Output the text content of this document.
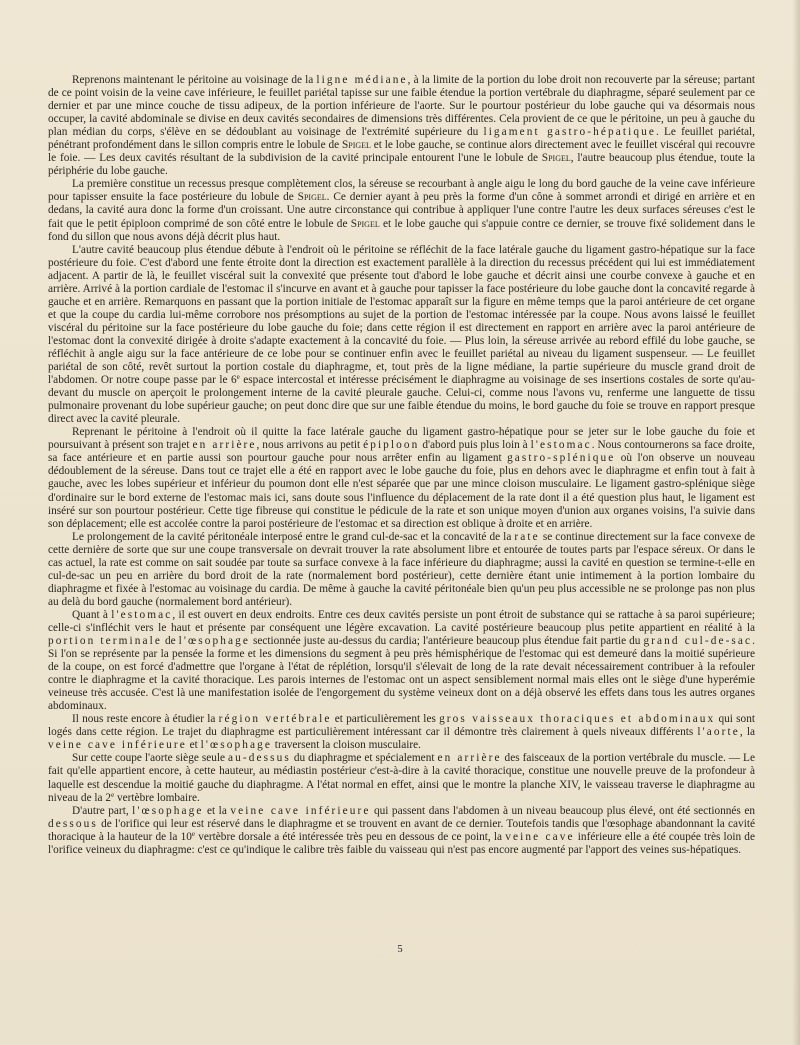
Reprenons maintenant le péritoine au voisinage de la ligne médiane, à la limite de la portion du lobe droit non recouverte par la séreuse; partant de ce point voisin de la veine cave inférieure, le feuillet pariétal tapisse sur une faible étendue la portion vertébrale du diaphragme, séparé seulement par ce dernier et par une mince couche de tissu adipeux, de la portion inférieure de l'aorte. Sur le pourtour postérieur du lobe gauche qui va désormais nous occuper, la cavité abdominale se divise en deux cavités secondaires de dimensions très différentes. Cela provient de ce que le péritoine, un peu à gauche du plan médian du corps, s'élève en se dédoublant au voisinage de l'extrémité supérieure du ligament gastro-hépatique. Le feuillet pariétal, pénétrant profondément dans le sillon compris entre le lobule de Spigel et le lobe gauche, se continue alors directement avec le feuillet viscéral qui recouvre le foie. — Les deux cavités résultant de la subdivision de la cavité principale entourent l'une le lobule de Spigel, l'autre beaucoup plus étendue, toute la périphérie du lobe gauche.

La première constitue un recessus presque complètement clos, la séreuse se recourbant à angle aigu le long du bord gauche de la veine cave inférieure pour tapisser ensuite la face postérieure du lobule de Spigel. Ce dernier ayant à peu près la forme d'un cône à sommet arrondi et dirigé en arrière et en dedans, la cavité aura donc la forme d'un croissant. Une autre circonstance qui contribue à appliquer l'une contre l'autre les deux surfaces séreuses c'est le fait que le petit épiploon comprimé de son côté entre le lobule de Spigel et le lobe gauche qui s'appuie contre ce dernier, se trouve fixé solidement dans le fond du sillon que nous avons déjà décrit plus haut.

L'autre cavité beaucoup plus étendue débute à l'endroit où le péritoine se réfléchit de la face latérale gauche du ligament gastro-hépatique sur la face postérieure du foie. C'est d'abord une fente étroite dont la direction est exactement parallèle à la direction du recessus précédent qui lui est immédiatement adjacent. A partir de là, le feuillet viscéral suit la convexité que présente tout d'abord le lobe gauche et décrit ainsi une courbe convexe à gauche et en arrière. Arrivé à la portion cardiale de l'estomac il s'incurve en avant et à gauche pour tapisser la face postérieure du lobe gauche dont la concavité regarde à gauche et en arrière. Remarquons en passant que la portion initiale de l'estomac apparaît sur la figure en même temps que la paroi antérieure de cet organe et que la coupe du cardia lui-même corrobore nos présomptions au sujet de la portion de l'estomac intéressée par la coupe. Nous avons laissé le feuillet viscéral du péritoine sur la face postérieure du lobe gauche du foie; dans cette région il est directement en rapport en arrière avec la paroi antérieure de l'estomac dont la convexité dirigée à droite s'adapte exactement à la concavité du foie. — Plus loin, la séreuse arrivée au rebord effilé du lobe gauche, se réfléchit à angle aigu sur la face antérieure de ce lobe pour se continuer enfin avec le feuillet pariétal au niveau du ligament suspenseur. — Le feuillet pariétal de son côté, revêt surtout la portion costale du diaphragme, et, tout près de la ligne médiane, la partie supérieure du muscle grand droit de l'abdomen. Or notre coupe passe par le 6e espace intercostal et intéresse précisément le diaphragme au voisinage de ses insertions costales de sorte qu'au-devant du muscle on aperçoit le prolongement interne de la cavité pleurale gauche. Celui-ci, comme nous l'avons vu, renferme une languette de tissu pulmonaire provenant du lobe supérieur gauche; on peut donc dire que sur une faible étendue du moins, le bord gauche du foie se trouve en rapport presque direct avec la cavité pleurale.

Reprenant le péritoine à l'endroit où il quitte la face latérale gauche du ligament gastro-hépatique pour se jeter sur le lobe gauche du foie et poursuivant à présent son trajet en arrière, nous arrivons au petit épiploon d'abord puis plus loin à l'estomac. Nous contournerons sa face droite, sa face antérieure et en partie aussi son pourtour gauche pour nous arrêter enfin au ligament gastro-splénique où l'on observe un nouveau dédoublement de la séreuse. Dans tout ce trajet elle a été en rapport avec le lobe gauche du foie, plus en dehors avec le diaphragme et enfin tout à fait à gauche, avec les lobes supérieur et inférieur du poumon dont elle n'est séparée que par une mince cloison musculaire. Le ligament gastro-splénique siège d'ordinaire sur le bord externe de l'estomac mais ici, sans doute sous l'influence du déplacement de la rate dont il a été question plus haut, le ligament est inséré sur son pourtour postérieur. Cette tige fibreuse qui constitue le pédicule de la rate et son unique moyen d'union aux organes voisins, l'a suivie dans son déplacement; elle est accolée contre la paroi postérieure de l'estomac et sa direction est oblique à droite et en arrière.

Le prolongement de la cavité péritonéale interposé entre le grand cul-de-sac et la concavité de la rate se continue directement sur la face convexe de cette dernière de sorte que sur une coupe transversale on devrait trouver la rate absolument libre et entourée de toutes parts par l'espace séreux. Or dans le cas actuel, la rate est comme on sait soudée par toute sa surface convexe à la face inférieure du diaphragme; aussi la cavité en question se termine-t-elle en cul-de-sac un peu en arrière du bord droit de la rate (normalement bord postérieur), cette dernière étant unie intimement à la portion lombaire du diaphragme et fixée à l'estomac au voisinage du cardia. De même à gauche la cavité péritonéale bien qu'un peu plus accessible ne se prolonge pas non plus au delà du bord gauche (normalement bord antérieur).

Quant à l'estomac, il est ouvert en deux endroits. Entre ces deux cavités persiste un pont étroit de substance qui se rattache à sa paroi supérieure; celle-ci s'infléchit vers le haut et présente par conséquent une légère excavation. La cavité postérieure beaucoup plus petite appartient en réalité à la portion terminale de l'œsophage sectionnée juste au-dessus du cardia; l'antérieure beaucoup plus étendue fait partie du grand cul-de-sac. Si l'on se représente par la pensée la forme et les dimensions du segment à peu près hémisphérique de l'estomac qui est demeuré dans la moitié supérieure de la coupe, on est forcé d'admettre que l'organe à l'état de réplétion, lorsqu'il s'élevait de long de la rate devait nécessairement contribuer à la refouler contre le diaphragme et la cavité thoracique. Les parois internes de l'estomac ont un aspect sensiblement normal mais elles ont le siège d'une hyperémie veineuse très accusée. C'est là une manifestation isolée de l'engorgement du système veineux dont on a déjà observé les effets dans tous les autres organes abdominaux.

Il nous reste encore à étudier la région vertébrale et particulièrement les gros vaisseaux thoraciques et abdominaux qui sont logés dans cette région. Le trajet du diaphragme est particulièrement intéressant car il démontre très clairement à quels niveaux différents l'aorte, la veine cave inférieure et l'œsophage traversent la cloison musculaire.

Sur cette coupe l'aorte siège seule au-dessus du diaphragme et spécialement en arrière des faisceaux de la portion vertébrale du muscle. — Le fait qu'elle appartient encore, à cette hauteur, au médiastin postérieur c'est-à-dire à la cavité thoracique, constitue une nouvelle preuve de la profondeur à laquelle est descendue la moitié gauche du diaphragme. A l'état normal en effet, ainsi que le montre la planche XIV, le vaisseau traverse le diaphragme au niveau de la 2e vertèbre lombaire.

D'autre part, l'œsophage et la veine cave inférieure qui passent dans l'abdomen à un niveau beaucoup plus élevé, ont été sectionnés en dessous de l'orifice qui leur est réservé dans le diaphragme et se trouvent en avant de ce dernier. Toutefois tandis que l'œsophage abandonnant la cavité thoracique à la hauteur de la 10e vertèbre dorsale a été intéressée très peu en dessous de ce point, la veine cave inférieure elle a été coupée très loin de l'orifice veineux du diaphragme: c'est ce qu'indique le calibre très faible du vaisseau qui n'est pas encore augmenté par l'apport des veines sus-hépatiques.

5
